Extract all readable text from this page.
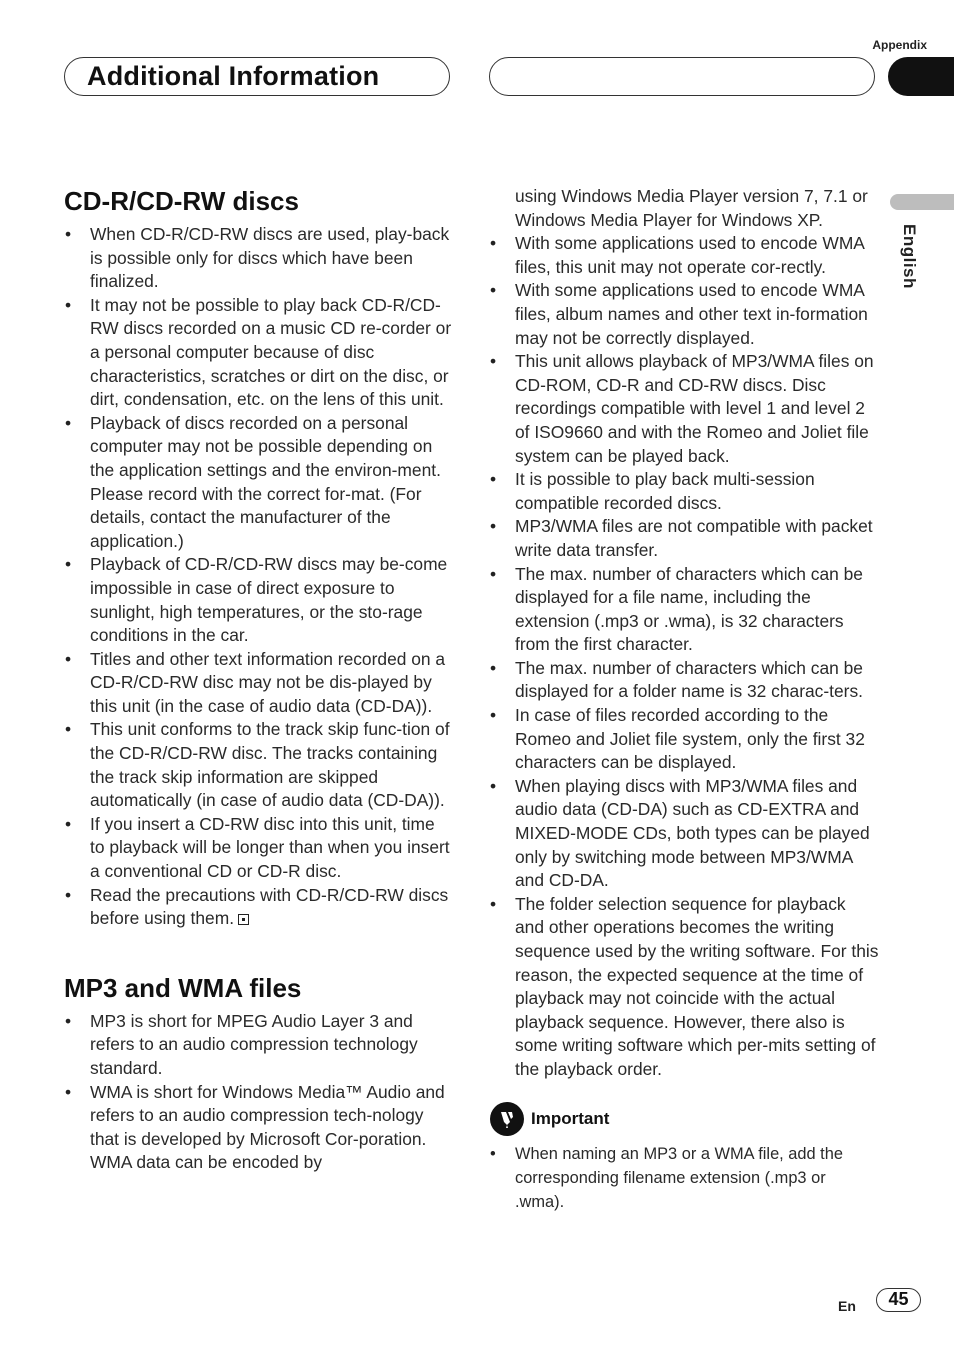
Appendix
Additional Information
English
CD-R/CD-RW discs
• When CD-R/CD-RW discs are used, play-back is possible only for discs which have been finalized.
• It may not be possible to play back CD-R/CD-RW discs recorded on a music CD re-corder or a personal computer because of disc characteristics, scratches or dirt on the disc, or dirt, condensation, etc. on the lens of this unit.
• Playback of discs recorded on a personal computer may not be possible depending on the application settings and the environ-ment. Please record with the correct for-mat. (For details, contact the manufacturer of the application.)
• Playback of CD-R/CD-RW discs may be-come impossible in case of direct exposure to sunlight, high temperatures, or the sto-rage conditions in the car.
• Titles and other text information recorded on a CD-R/CD-RW disc may not be dis-played by this unit (in the case of audio data (CD-DA)).
• This unit conforms to the track skip func-tion of the CD-R/CD-RW disc. The tracks containing the track skip information are skipped automatically (in case of audio data (CD-DA)).
• If you insert a CD-RW disc into this unit, time to playback will be longer than when you insert a conventional CD or CD-R disc.
• Read the precautions with CD-R/CD-RW discs before using them.
MP3 and WMA files
• MP3 is short for MPEG Audio Layer 3 and refers to an audio compression technology standard.
• WMA is short for Windows Media™ Audio and refers to an audio compression tech-nology that is developed by Microsoft Cor-poration. WMA data can be encoded by
using Windows Media Player version 7, 7.1 or Windows Media Player for Windows XP.
• With some applications used to encode WMA files, this unit may not operate cor-rectly.
• With some applications used to encode WMA files, album names and other text in-formation may not be correctly displayed.
• This unit allows playback of MP3/WMA files on CD-ROM, CD-R and CD-RW discs. Disc recordings compatible with level 1 and level 2 of ISO9660 and with the Romeo and Joliet file system can be played back.
• It is possible to play back multi-session compatible recorded discs.
• MP3/WMA files are not compatible with packet write data transfer.
• The max. number of characters which can be displayed for a file name, including the extension (.mp3 or .wma), is 32 characters from the first character.
• The max. number of characters which can be displayed for a folder name is 32 charac-ters.
• In case of files recorded according to the Romeo and Joliet file system, only the first 32 characters can be displayed.
• When playing discs with MP3/WMA files and audio data (CD-DA) such as CD-EXTRA and MIXED-MODE CDs, both types can be played only by switching mode between MP3/WMA and CD-DA.
• The folder selection sequence for playback and other operations becomes the writing sequence used by the writing software. For this reason, the expected sequence at the time of playback may not coincide with the actual playback sequence. However, there also is some writing software which per-mits setting of the playback order.
Important
• When naming an MP3 or a WMA file, add the corresponding filename extension (.mp3 or .wma).
En	45
